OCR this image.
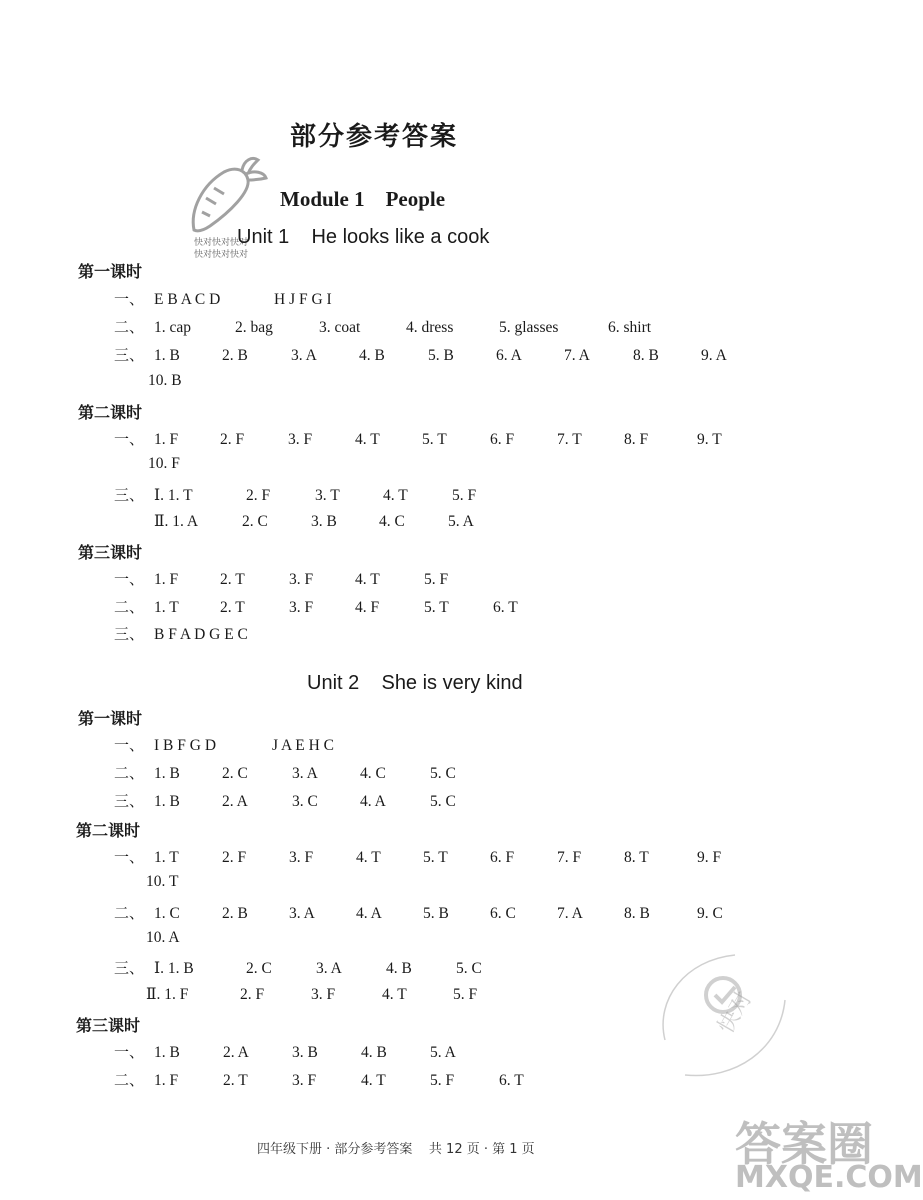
快对快对快对
快对快对快对
快对
答案圈
MXQE.COM
部分参考答案
Module 1    People
Unit 1    He looks like a cook
第一课时
一、 E B A C D	H J F G I
二、 1. cap	2. bag	3. coat	4. dress	5. glasses	6. shirt
三、 1. B	2. B	3. A	4. B	5. B	6. A	7. A	8. B	9. A
10. B
第二课时
一、 1. F	2. F	3. F	4. T	5. T	6. F	7. T	8. F	9. T
10. F
三、 Ⅰ. 1. T	2. F	3. T	4. T	5. F
Ⅱ. 1. A	2. C	3. B	4. C	5. A
第三课时
一、 1. F	2. T	3. F	4. T	5. F
二、 1. T	2. T	3. F	4. F	5. T	6. T
三、 B F A D G E C
Unit 2    She is very kind
第一课时
一、 I B F G D	J A E H C
二、 1. B	2. C	3. A	4. C	5. C
三、 1. B	2. A	3. C	4. A	5. C
第二课时
一、 1. T	2. F	3. F	4. T	5. T	6. F	7. F	8. T	9. F
10. T
二、 1. C	2. B	3. A	4. A	5. B	6. C	7. A	8. B	9. C
10. A
三、 Ⅰ. 1. B	2. C	3. A	4. B	5. C
Ⅱ. 1. F	2. F	3. F	4. T	5. F
第三课时
一、 1. B	2. A	3. B	4. B	5. A
二、 1. F	2. T	3. F	4. T	5. F	6. T
四年级下册 · 部分参考答案    共 12 页 · 第 1 页
